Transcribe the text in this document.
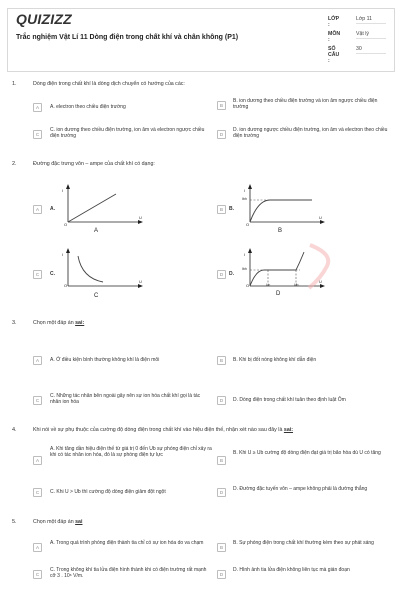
QUIZIZZ
Trắc nghiệm Vật Lí 11 Dòng điện trong chất khí và chân không (P1)
LỚP :
Lớp 11
MÔN :
Vật lý
SỐ CÂU :
30
1.	Dòng điện trong chất khí là dòng dịch chuyển có hướng của các:
A	A. electron theo chiều điện trường	B
B. ion dương theo chiều điện trường và ion âm ngược chiều điện trường
C
C. ion dương theo chiều điện trường, ion âm và electron ngược chiều điện trường	D
D. ion dương ngược chiều điện trường, ion âm và electron theo chiều điện trường
2.	Đường đặc trưng vôn – ampe của chất khí có dạng:
A	A.
I
U
O
A
B	B.
I
Ibh
U
O
B
C	C.
I
U
O
C
D	D.
I
Ibh
U
Uc	Ub
O
D
3.	Chọn một đáp án sai:
A	A. Ở điều kiện bình thường không khí là điện môi	B	B. Khi bị đốt nóng không khí dẫn điện
C
C. Những tác nhân bên ngoài gây nên sự ion hóa chất khí gọi là tác nhân ion hóa	D	D. Dòng điện trong chất khí tuân theo định luật Ôm
4.	Khi nói về sự phụ thuộc của cường độ dòng điện trong chất khí vào hiệu điện thế, nhận xét nào sau đây là sai:
A
A. Khi tăng dần hiệu điện thế từ giá trị 0 đến Ub sự phóng điện chỉ xảy ra khi có tác nhân ion hóa, đó là sự phóng điện tự lực
B
B. Khi U ≥ Ub cường độ dòng điện đạt giá trị bão hòa dù U có tăng
C	C. Khi U > Ub thì cường độ dòng điện giảm đột ngột	D
D. Đường đặc tuyến vôn – ampe không phải là đường thẳng
5.	Chọn một đáp án sai
A
A. Trong quá trình phóng điện thành tia chỉ có sự ion hóa do va chạm
B
B. Sự phóng điện trong chất khí thường kèm theo sự phát sáng
C
C. Trong không khí tia lửa điện hình thành khi có điện trường rất mạnh cỡ 3 . 10⁶ V/m.	D
D. Hình ảnh tia lửa điện không liên tục mà gián đoạn
